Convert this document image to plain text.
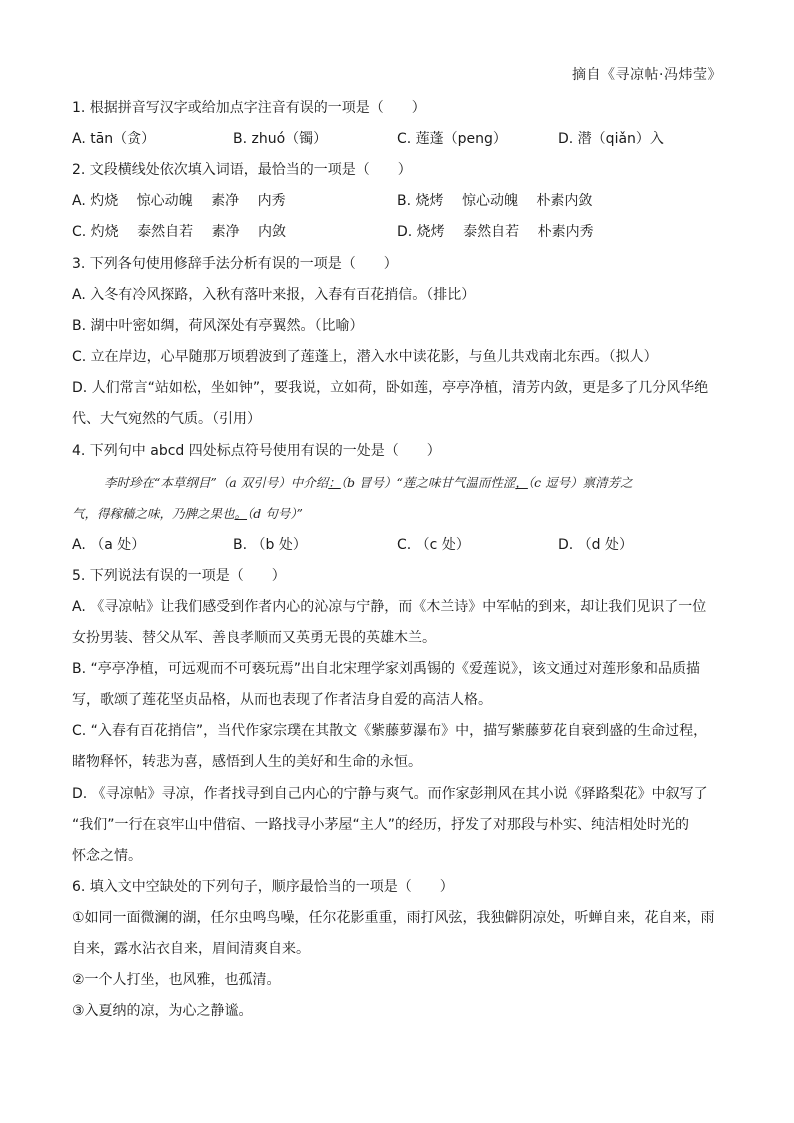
摘自《寻凉帖·冯炜莹》
1. 根据拼音写汉字或给加点字注音有误的一项是（　　）
A. tān（贪）	B. zhuó（镯）	C. 莲蓬（peng）	D. 潜（qiǎn）入
2. 文段横线处依次填入词语，最恰当的一项是（　　）
A. 灼烧　 惊心动魄　 素净　 内秀	B. 烧烤　 惊心动魄　 朴素内敛
C. 灼烧　 泰然自若　 素净　 内敛	D. 烧烤　 泰然自若　 朴素内秀
3. 下列各句使用修辞手法分析有误的一项是（　　）
A. 入冬有冷风探路，入秋有落叶来报，入春有百花捎信。（排比）
B. 湖中叶密如绸，荷风深处有亭翼然。（比喻）
C. 立在岸边，心早随那万顷碧波到了莲蓬上，潜入水中读花影，与鱼儿共戏南北东西。（拟人）
D. 人们常言“站如松，坐如钟”，要我说，立如荷，卧如莲，亭亭净植，清芳内敛，更是多了几分风华绝
代、大气宛然的气质。（引用）
4. 下列句中 abcd 四处标点符号使用有误的一处是（　　）
李时珍在“本草纲目”（a 双引号）中介绍：（b 冒号）“莲之味甘气温而性涩，（c 逗号）禀清芳之
气，得稼穑之味，乃脾之果也。（d 句号）”
A. （a 处）	B. （b 处）	C. （c 处）	D. （d 处）
5. 下列说法有误的一项是（　　）
A. 《寻凉帖》让我们感受到作者内心的沁凉与宁静，而《木兰诗》中军帖的到来，却让我们见识了一位
女扮男装、替父从军、善良孝顺而又英勇无畏的英雄木兰。
B. “亭亭净植，可远观而不可亵玩焉”出自北宋理学家刘禹锡的《爱莲说》，该文通过对莲形象和品质描
写，歌颂了莲花坚贞品格，从而也表现了作者洁身自爱的高洁人格。
C. “入春有百花捎信”，当代作家宗璞在其散文《紫藤萝瀑布》中，描写紫藤萝花自衰到盛的生命过程，
睹物释怀，转悲为喜，感悟到人生的美好和生命的永恒。
D. 《寻凉帖》寻凉，作者找寻到自己内心的宁静与爽气。而作家彭荆风在其小说《驿路梨花》中叙写了
“我们”一行在哀牢山中借宿、一路找寻小茅屋“主人”的经历，抒发了对那段与朴实、纯洁相处时光的
怀念之情。
6. 填入文中空缺处的下列句子，顺序最恰当的一项是（　　）
①如同一面微澜的湖，任尔虫鸣鸟噪，任尔花影重重，雨打风弦，我独僻阴凉处，听蝉自来，花自来，雨
自来，露水沾衣自来，眉间清爽自来。
②一个人打坐，也风雅，也孤清。
③入夏纳的凉，为心之静谧。
